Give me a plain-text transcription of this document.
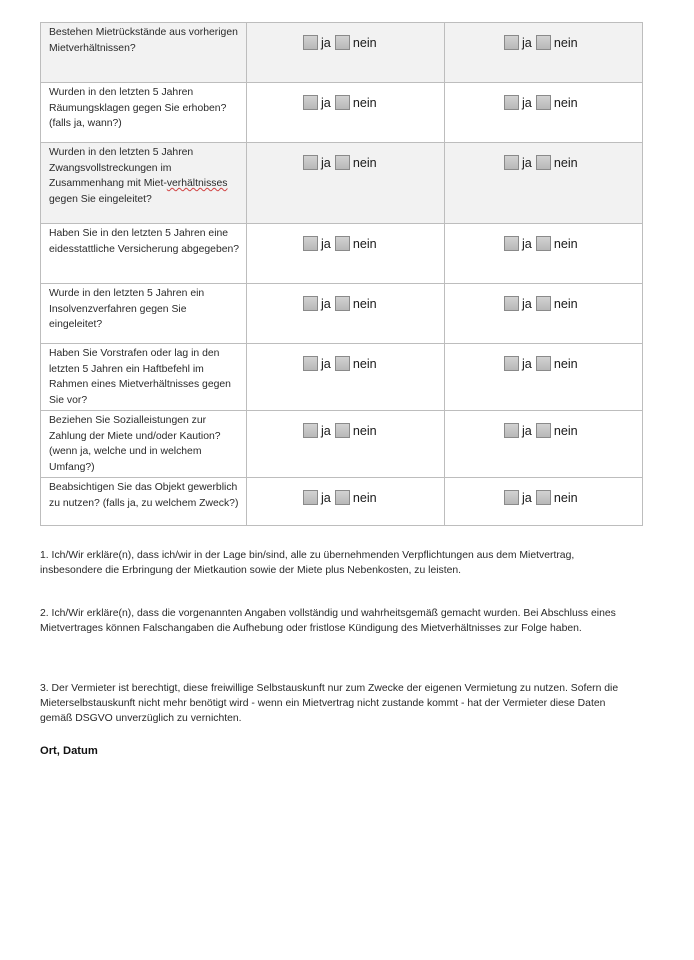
Bestehen Mietrückstände aus vorherigen Mietverhältnissen?	ja nein	ja nein

Wurden in den letzten 5 Jahren Räumungsklagen gegen Sie erhoben? (falls ja, wann?)	ja nein	ja nein

Wurden in den letzten 5 Jahren Zwangsvollstreckungen im Zusammenhang mit Miet-verhältnisses gegen Sie eingeleitet?	ja nein	ja nein

Haben Sie in den letzten 5 Jahren eine eidesstattliche Versicherung abgegeben?	ja nein	ja nein

Wurde in den letzten 5 Jahren ein Insolvenzverfahren gegen Sie eingeleitet?	ja nein	ja nein

Haben Sie Vorstrafen oder lag in den letzten 5 Jahren ein Haftbefehl im Rahmen eines Mietverhältnisses gegen Sie vor?	ja nein	ja nein

Beziehen Sie Sozialleistungen zur Zahlung der Miete und/oder Kaution? (wenn ja, welche und in welchem Umfang?)	ja nein	ja nein

Beabsichtigen Sie das Objekt gewerblich zu nutzen? (falls ja, zu welchem Zweck?)	ja nein	ja nein

1. Ich/Wir erkläre(n), dass ich/wir in der Lage bin/sind, alle zu übernehmenden Verpflichtungen aus dem Mietvertrag, insbesondere die Erbringung der Mietkaution sowie der Miete plus Nebenkosten, zu leisten.

2. Ich/Wir erkläre(n), dass die vorgenannten Angaben vollständig und wahrheitsgemäß gemacht wurden. Bei Abschluss eines Mietvertrages können Falschangaben die Aufhebung oder fristlose Kündigung des Mietverhältnisses zur Folge haben.

3. Der Vermieter ist berechtigt, diese freiwillige Selbstauskunft nur zum Zwecke der eigenen Vermietung zu nutzen. Sofern die Mieterselbstauskunft nicht mehr benötigt wird - wenn ein Mietvertrag nicht zustande kommt - hat der Vermieter diese Daten gemäß DSGVO unverzüglich zu vernichten.

Ort, Datum
